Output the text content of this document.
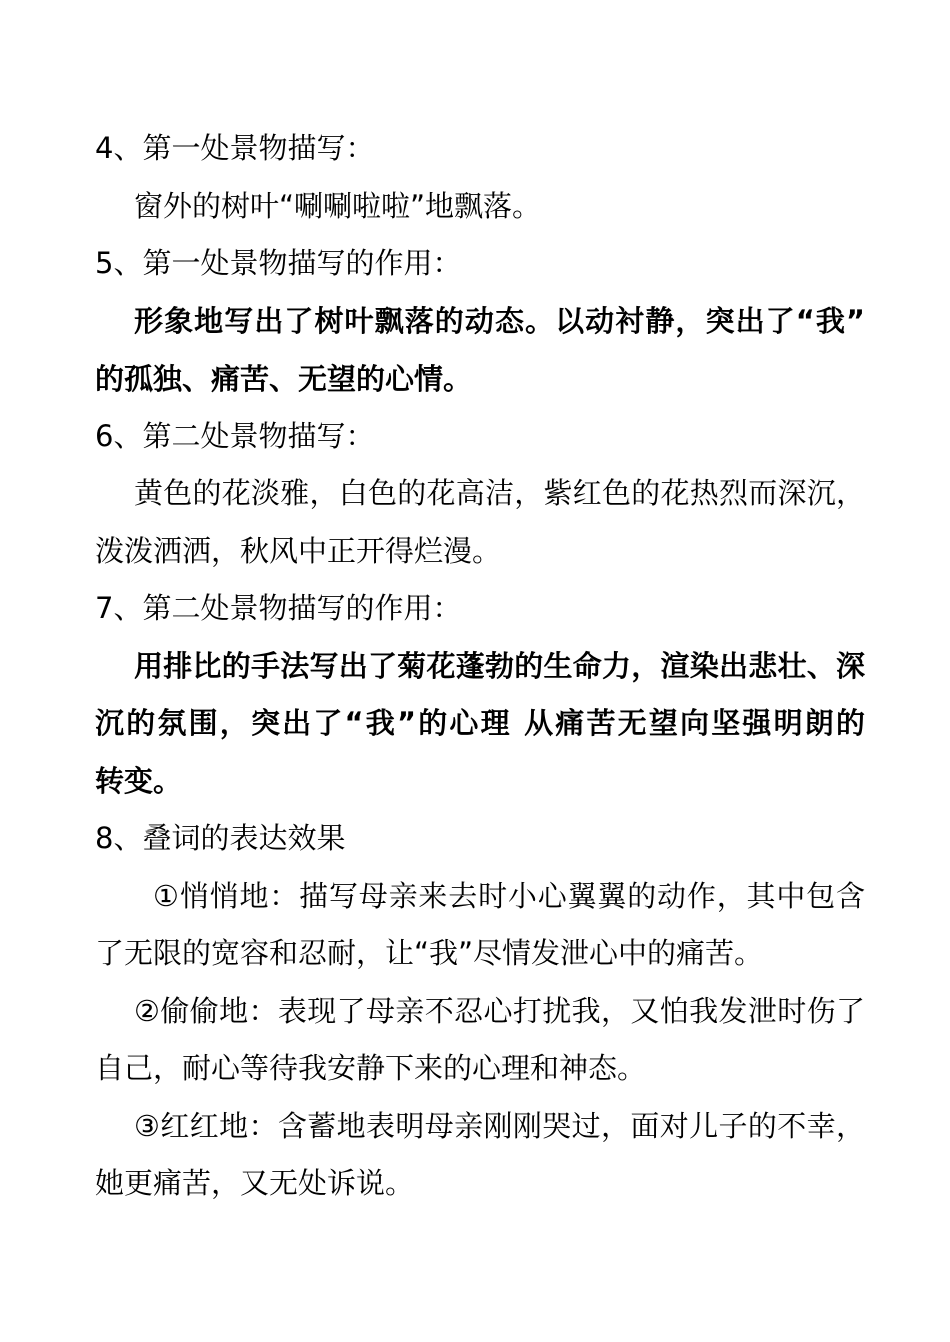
4、第一处景物描写：
窗外的树叶“唰唰啦啦”地飘落。
5、第一处景物描写的作用：
形象地写出了树叶飘落的动态。以动衬静，突出了“我”
的孤独、痛苦、无望的心情。
6、第二处景物描写：
黄色的花淡雅，白色的花高洁，紫红色的花热烈而深沉，
泼泼洒洒，秋风中正开得烂漫。
7、第二处景物描写的作用：
用排比的手法写出了菊花蓬勃的生命力，渲染出悲壮、深
沉的氛围，突出了“我”的心理 从痛苦无望向坚强明朗的
转变。
8、叠词的表达效果
①悄悄地：描写母亲来去时小心翼翼的动作，其中包含
了无限的宽容和忍耐，让“我”尽情发泄心中的痛苦。
②偷偷地：表现了母亲不忍心打扰我，又怕我发泄时伤了
自己，耐心等待我安静下来的心理和神态。
③红红地：含蓄地表明母亲刚刚哭过，面对儿子的不幸，
她更痛苦，又无处诉说。
